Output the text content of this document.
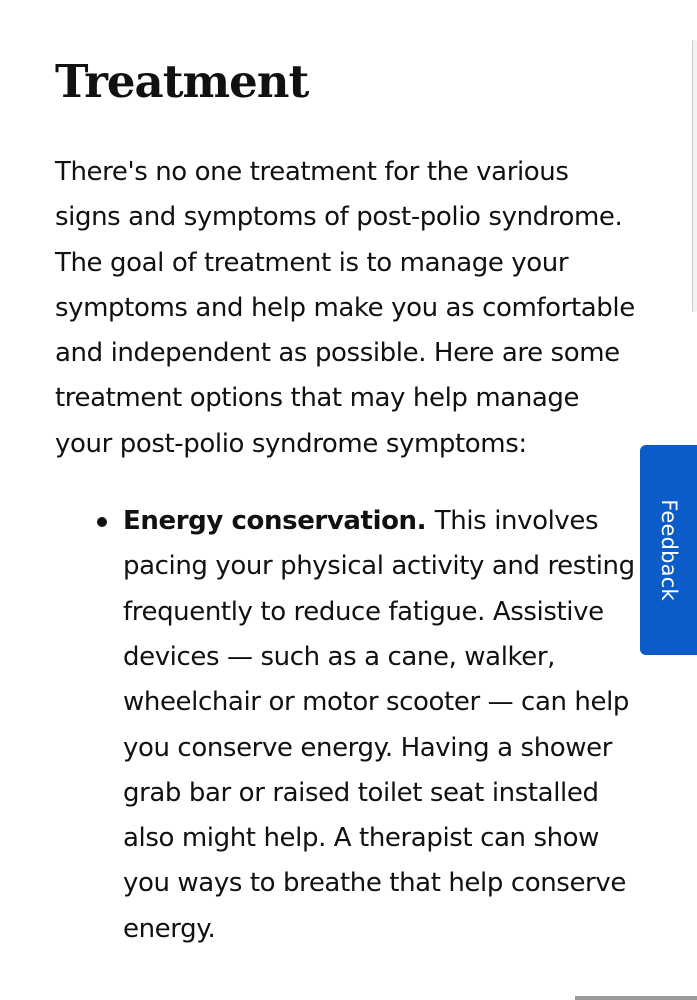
Treatment

There's no one treatment for the various signs and symptoms of post-polio syndrome. The goal of treatment is to manage your symptoms and help make you as comfortable and independent as possible. Here are some treatment options that may help manage your post-polio syndrome symptoms:

Energy conservation. This involves pacing your physical activity and resting frequently to reduce fatigue. Assistive devices — such as a cane, walker, wheelchair or motor scooter — can help you conserve energy. Having a shower grab bar or raised toilet seat installed also might help. A therapist can show you ways to breathe that help conserve energy.
Feedback
